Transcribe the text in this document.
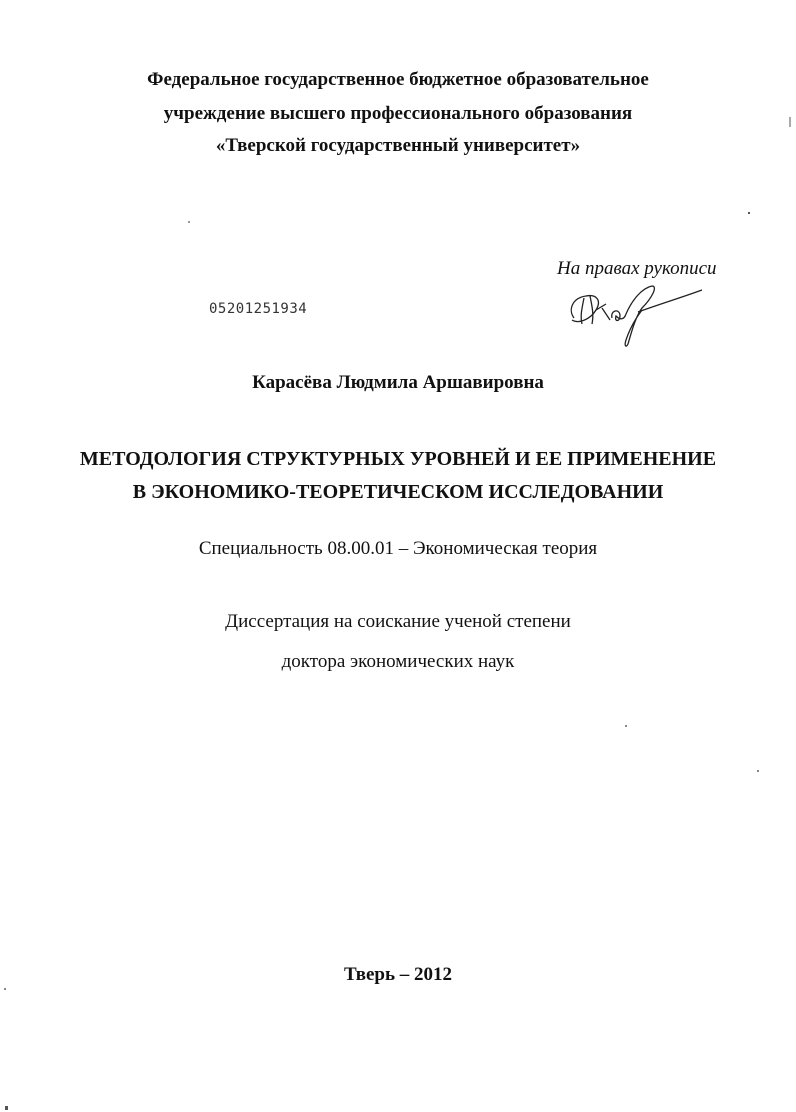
Федеральное государственное бюджетное образовательное
учреждение высшего профессионального образования
«Тверской государственный университет»
На правах рукописи
05201251934
Карасёва Людмила Аршавировна
МЕТОДОЛОГИЯ СТРУКТУРНЫХ УРОВНЕЙ И ЕЕ ПРИМЕНЕНИЕ
В ЭКОНОМИКО-ТЕОРЕТИЧЕСКОМ ИССЛЕДОВАНИИ
Специальность 08.00.01 – Экономическая теория
Диссертация на соискание ученой степени
доктора экономических наук
Тверь – 2012
